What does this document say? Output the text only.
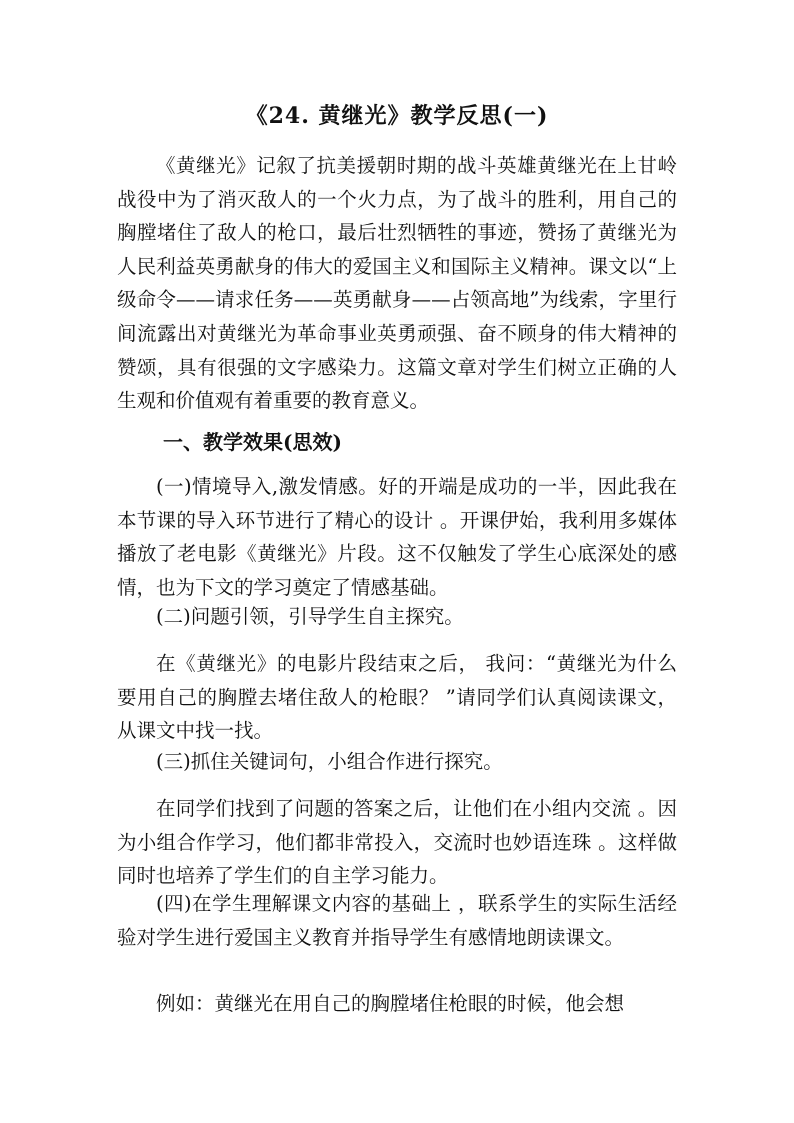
《24. 黄继光》教学反思(一)

《黄继光》记叙了抗美援朝时期的战斗英雄黄继光在上甘岭战役中为了消灭敌人的一个火力点，为了战斗的胜利，用自己的胸膛堵住了敌人的枪口，最后壮烈牺牲的事迹，赞扬了黄继光为人民利益英勇献身的伟大的爱国主义和国际主义精神。课文以“上级命令——请求任务——英勇献身——占领高地”为线索，字里行间流露出对黄继光为革命事业英勇顽强、奋不顾身的伟大精神的赞颂，具有很强的文字感染力。这篇文章对学生们树立正确的人生观和价值观有着重要的教育意义。

一、教学效果(思效)

(一)情境导入,激发情感。好的开端是成功的一半，因此我在本节课的导入环节进行了精心的设计 。开课伊始，我利用多媒体播放了老电影《黄继光》片段。这不仅触发了学生心底深处的感情，也为下文的学习奠定了情感基础。

(二)问题引领，引导学生自主探究。

在《黄继光》的电影片段结束之后， 我问：“黄继光为什么要用自己的胸膛去堵住敌人的枪眼？ ”请同学们认真阅读课文，从课文中找一找。

(三)抓住关键词句，小组合作进行探究。

在同学们找到了问题的答案之后，让他们在小组内交流 。因为小组合作学习，他们都非常投入，交流时也妙语连珠 。这样做同时也培养了学生们的自主学习能力。

(四)在学生理解课文内容的基础上 ，联系学生的实际生活经验对学生进行爱国主义教育并指导学生有感情地朗读课文。

例如：黄继光在用自己的胸膛堵住枪眼的时候，他会想
